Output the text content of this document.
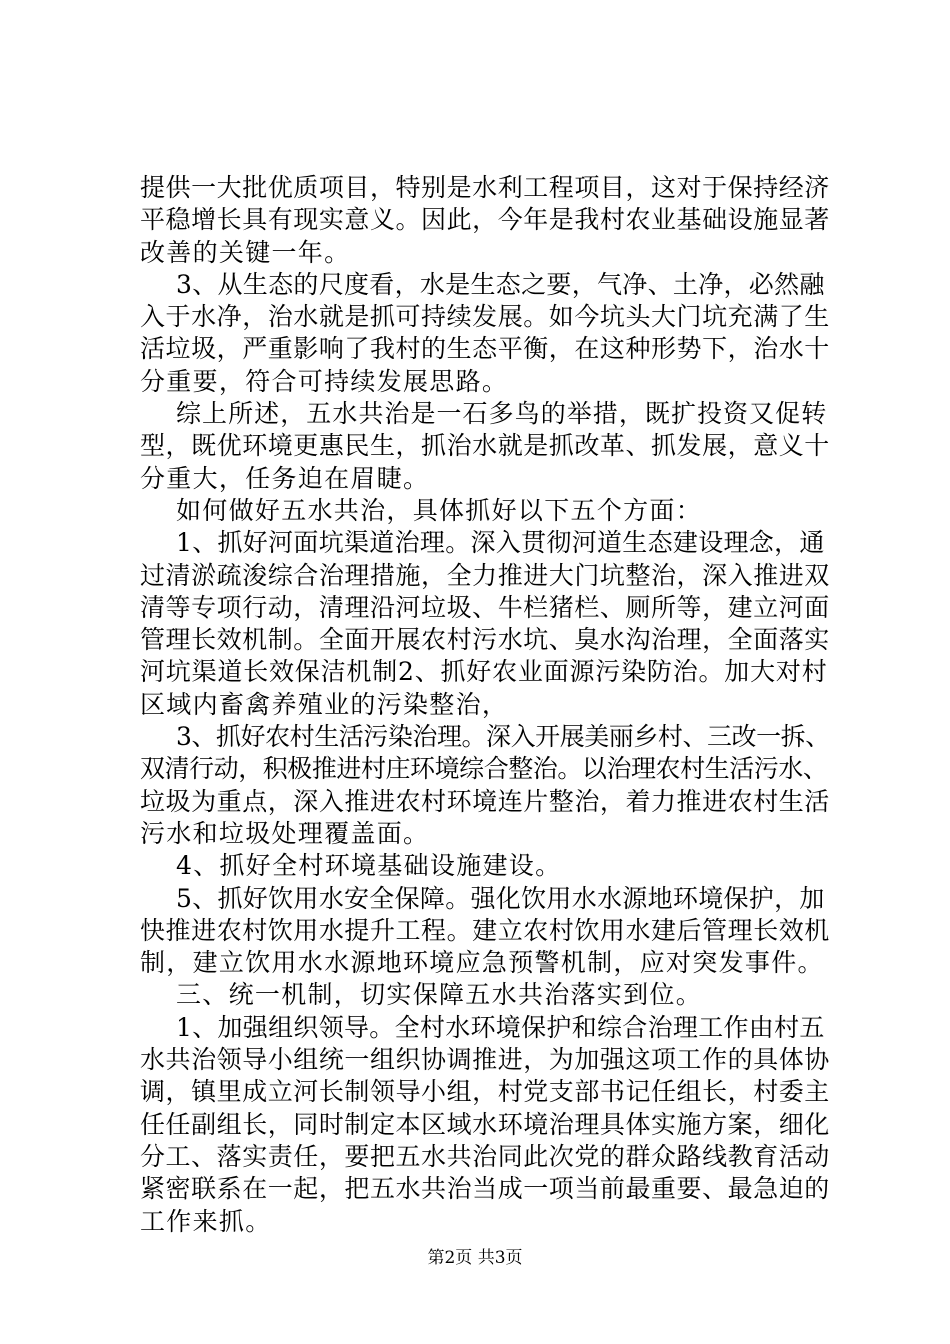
提供一大批优质项目，特别是水利工程项目，这对于保持经济
平稳增长具有现实意义。因此，今年是我村农业基础设施显著
改善的关键一年。
3、从生态的尺度看，水是生态之要，气净、土净，必然融
入于水净，治水就是抓可持续发展。如今坑头大门坑充满了生
活垃圾，严重影响了我村的生态平衡，在这种形势下，治水十
分重要，符合可持续发展思路。
综上所述，五水共治是一石多鸟的举措，既扩投资又促转
型，既优环境更惠民生，抓治水就是抓改革、抓发展，意义十
分重大，任务迫在眉睫。
如何做好五水共治，具体抓好以下五个方面：
1、抓好河面坑渠道治理。深入贯彻河道生态建设理念，通
过清淤疏浚综合治理措施，全力推进大门坑整治，深入推进双
清等专项行动，清理沿河垃圾、牛栏猪栏、厕所等，建立河面
管理长效机制。全面开展农村污水坑、臭水沟治理，全面落实
河坑渠道长效保洁机制2、抓好农业面源污染防治。加大对村
区域内畜禽养殖业的污染整治，
3、抓好农村生活污染治理。深入开展美丽乡村、三改一拆、
双清行动，积极推进村庄环境综合整治。以治理农村生活污水、
垃圾为重点，深入推进农村环境连片整治，着力推进农村生活
污水和垃圾处理覆盖面。
4、抓好全村环境基础设施建设。
5、抓好饮用水安全保障。强化饮用水水源地环境保护，加
快推进农村饮用水提升工程。建立农村饮用水建后管理长效机
制，建立饮用水水源地环境应急预警机制，应对突发事件。
三、统一机制，切实保障五水共治落实到位。
1、加强组织领导。全村水环境保护和综合治理工作由村五
水共治领导小组统一组织协调推进，为加强这项工作的具体协
调，镇里成立河长制领导小组，村党支部书记任组长，村委主
任任副组长，同时制定本区域水环境治理具体实施方案，细化
分工、落实责任，要把五水共治同此次党的群众路线教育活动
紧密联系在一起，把五水共治当成一项当前最重要、最急迫的
工作来抓。
第2页 共3页
